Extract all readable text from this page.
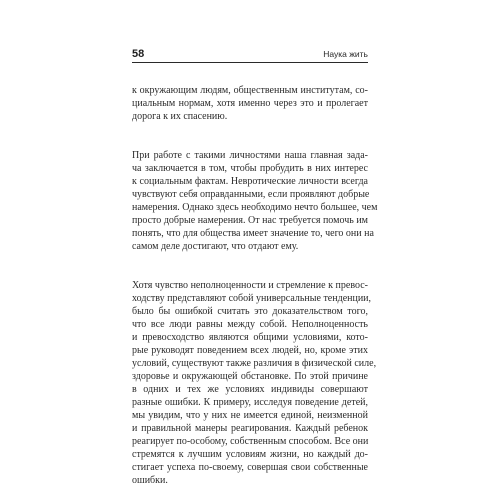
58	Наука жить
к окружающим людям, общественным институтам, со-
циальным нормам, хотя именно через это и пролегает
дорога к их спасению.
При работе с такими личностями наша главная зада-
ча заключается в том, чтобы пробудить в них интерес
к социальным фактам. Невротические личности всегда
чувствуют себя оправданными, если проявляют добрые
намерения. Однако здесь необходимо нечто большее, чем
просто добрые намерения. От нас требуется помочь им
понять, что для общества имеет значение то, чего они на
самом деле достигают, что отдают ему.
Хотя чувство неполноценности и стремление к превос-
ходству представляют собой универсальные тенденции,
было бы ошибкой считать это доказательством того,
что все люди равны между собой. Неполноценность
и превосходство являются общими условиями, кото-
рые руководят поведением всех людей, но, кроме этих
условий, существуют также различия в физической силе,
здоровье и окружающей обстановке. По этой причине
в одних и тех же условиях индивиды совершают
разные ошибки. К примеру, исследуя поведение детей,
мы увидим, что у них не имеется единой, неизменной
и правильной манеры реагирования. Каждый ребенок
реагирует по-особому, собственным способом. Все они
стремятся к лучшим условиям жизни, но каждый до-
стигает успеха по-своему, совершая свои собственные
ошибки.
